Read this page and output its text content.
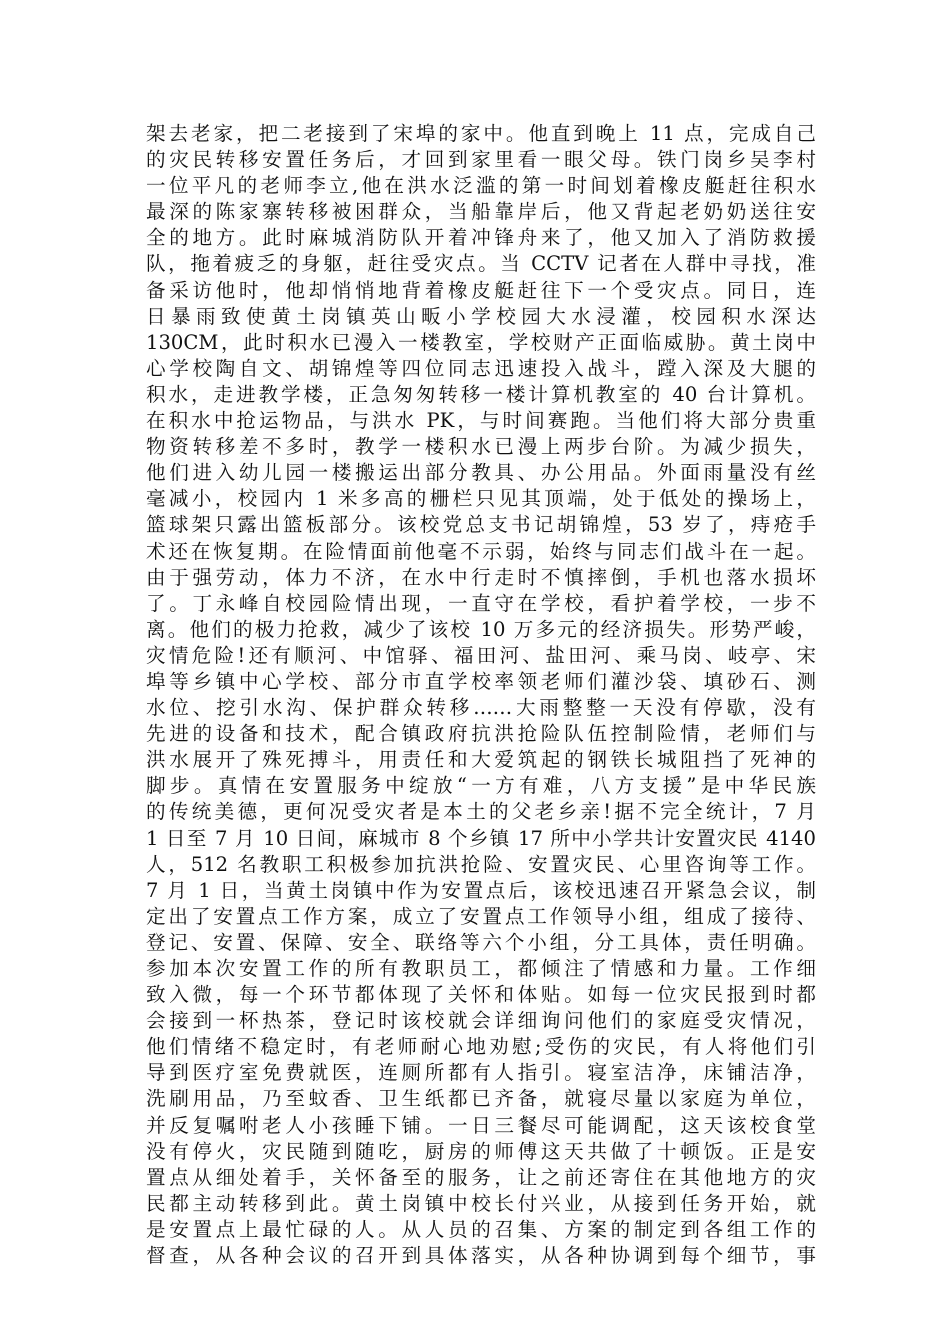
架去老家，把二老接到了宋埠的家中。他直到晚上 11 点，完成自己
的灾民转移安置任务后，才回到家里看一眼父母。铁门岗乡吴李村
一位平凡的老师李立,他在洪水泛滥的第一时间划着橡皮艇赶往积水
最深的陈家寨转移被困群众，当船靠岸后，他又背起老奶奶送往安
全的地方。此时麻城消防队开着冲锋舟来了，他又加入了消防救援
队，拖着疲乏的身躯，赶往受灾点。当 CCTV 记者在人群中寻找，准
备采访他时，他却悄悄地背着橡皮艇赶往下一个受灾点。同日，连
日暴雨致使黄土岗镇英山畈小学校园大水浸灌，校园积水深达
130CM，此时积水已漫入一楼教室，学校财产正面临威胁。黄土岗中
心学校陶自文、胡锦煌等四位同志迅速投入战斗，蹚入深及大腿的
积水，走进教学楼，正急匆匆转移一楼计算机教室的 40 台计算机。
在积水中抢运物品，与洪水 PK，与时间赛跑。当他们将大部分贵重
物资转移差不多时，教学一楼积水已漫上两步台阶。为减少损失，
他们进入幼儿园一楼搬运出部分教具、办公用品。外面雨量没有丝
毫减小，校园内 1 米多高的栅栏只见其顶端，处于低处的操场上，
篮球架只露出篮板部分。该校党总支书记胡锦煌，53 岁了，痔疮手
术还在恢复期。在险情面前他毫不示弱，始终与同志们战斗在一起。
由于强劳动，体力不济，在水中行走时不慎摔倒，手机也落水损坏
了。丁永峰自校园险情出现，一直守在学校，看护着学校，一步不
离。他们的极力抢救，减少了该校 10 万多元的经济损失。形势严峻，
灾情危险!还有顺河、中馆驿、福田河、盐田河、乘马岗、岐亭、宋
埠等乡镇中心学校、部分市直学校率领老师们灌沙袋、填砂石、测
水位、挖引水沟、保护群众转移……大雨整整一天没有停歇，没有
先进的设备和技术，配合镇政府抗洪抢险队伍控制险情，老师们与
洪水展开了殊死搏斗，用责任和大爱筑起的钢铁长城阻挡了死神的
脚步。真情在安置服务中绽放“一方有难，八方支援”是中华民族
的传统美德，更何况受灾者是本土的父老乡亲!据不完全统计，7 月
1 日至 7 月 10 日间，麻城市 8 个乡镇 17 所中小学共计安置灾民 4140
人，512 名教职工积极参加抗洪抢险、安置灾民、心里咨询等工作。
7 月 1 日，当黄土岗镇中作为安置点后，该校迅速召开紧急会议，制
定出了安置点工作方案，成立了安置点工作领导小组，组成了接待、
登记、安置、保障、安全、联络等六个小组，分工具体，责任明确。
参加本次安置工作的所有教职员工，都倾注了情感和力量。工作细
致入微，每一个环节都体现了关怀和体贴。如每一位灾民报到时都
会接到一杯热茶，登记时该校就会详细询问他们的家庭受灾情况，
他们情绪不稳定时，有老师耐心地劝慰;受伤的灾民，有人将他们引
导到医疗室免费就医，连厕所都有人指引。寝室洁净，床铺洁净，
洗刷用品，乃至蚊香、卫生纸都已齐备，就寝尽量以家庭为单位，
并反复嘱咐老人小孩睡下铺。一日三餐尽可能调配，这天该校食堂
没有停火，灾民随到随吃，厨房的师傅这天共做了十顿饭。正是安
置点从细处着手，关怀备至的服务，让之前还寄住在其他地方的灾
民都主动转移到此。黄土岗镇中校长付兴业，从接到任务开始，就
是安置点上最忙碌的人。从人员的召集、方案的制定到各组工作的
督查，从各种会议的召开到具体落实，从各种协调到每个细节，事
